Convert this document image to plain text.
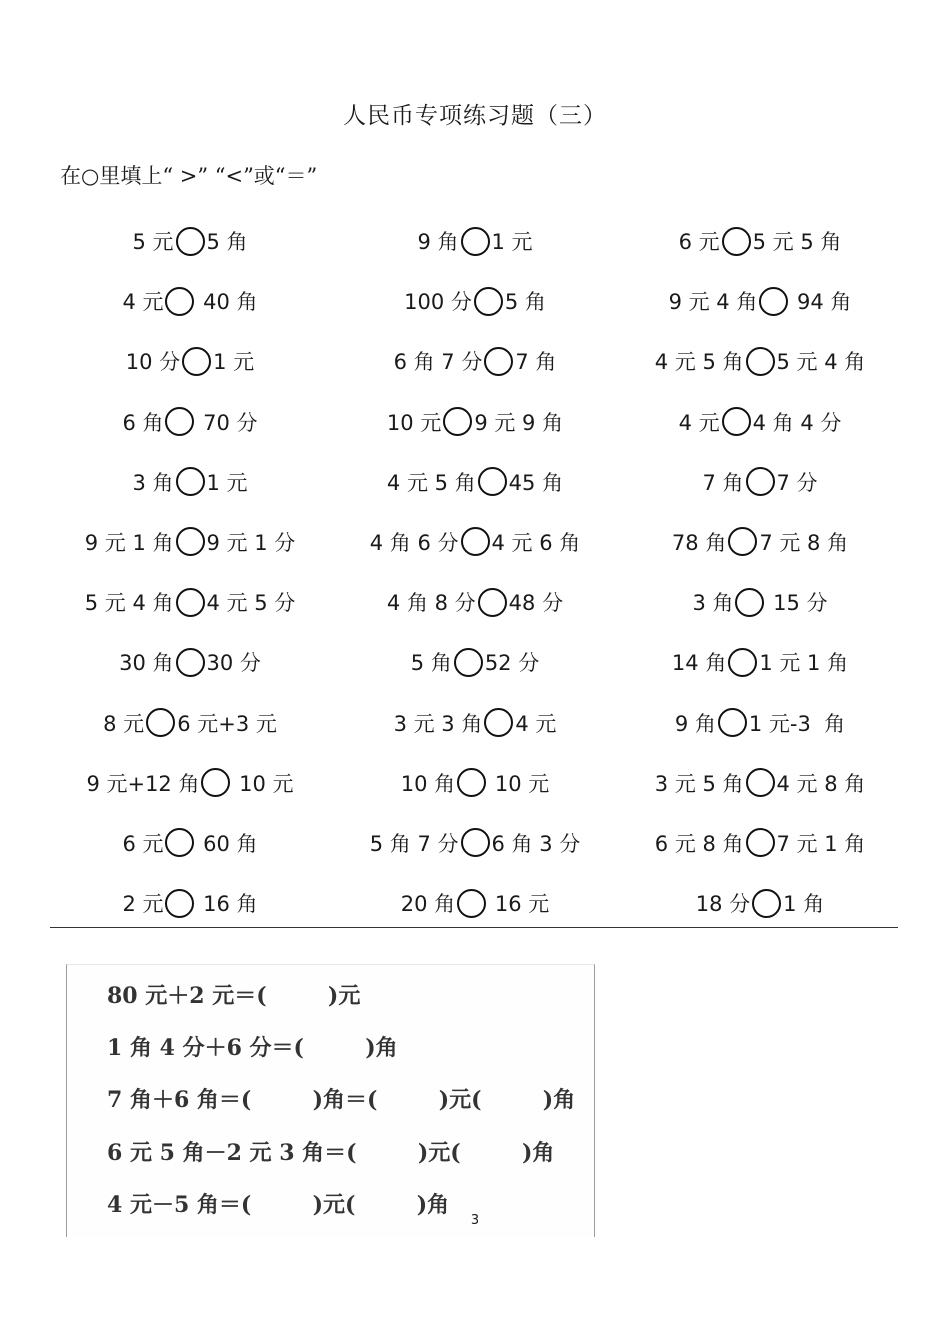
人民币专项练习题（三）
在○里填上“ >” “<”或“＝”
5 元 5 角	9 角 1 元	6 元 5 元 5 角
4 元 40 角	100 分 5 角	9 元 4 角 94 角
10 分 1 元	6 角 7 分 7 角	4 元 5 角 5 元 4 角
6 角 70 分	10 元 9 元 9 角	4 元 4 角 4 分
3 角 1 元	4 元 5 角 45 角	7 角 7 分
9 元 1 角 9 元 1 分	4 角 6 分 4 元 6 角	78 角 7 元 8 角
5 元 4 角 4 元 5 分	4 角 8 分 48 分	3 角 15 分
30 角 30 分	5 角 52 分	14 角 1 元 1 角
8 元 6 元+3 元	3 元 3 角 4 元	9 角 1 元-3  角
9 元+12 角 10 元	10 角 10 元	3 元 5 角 4 元 8 角
6 元 60 角	5 角 7 分 6 角 3 分	6 元 8 角 7 元 1 角
2 元 16 角	20 角 16 元	18 分 1 角
80 元＋2 元＝(        )元
1 角 4 分＋6 分＝(        )角
7 角＋6 角＝(        )角＝(        )元(        )角
6 元 5 角－2 元 3 角＝(        )元(        )角
4 元－5 角＝(        )元(        )角
3
